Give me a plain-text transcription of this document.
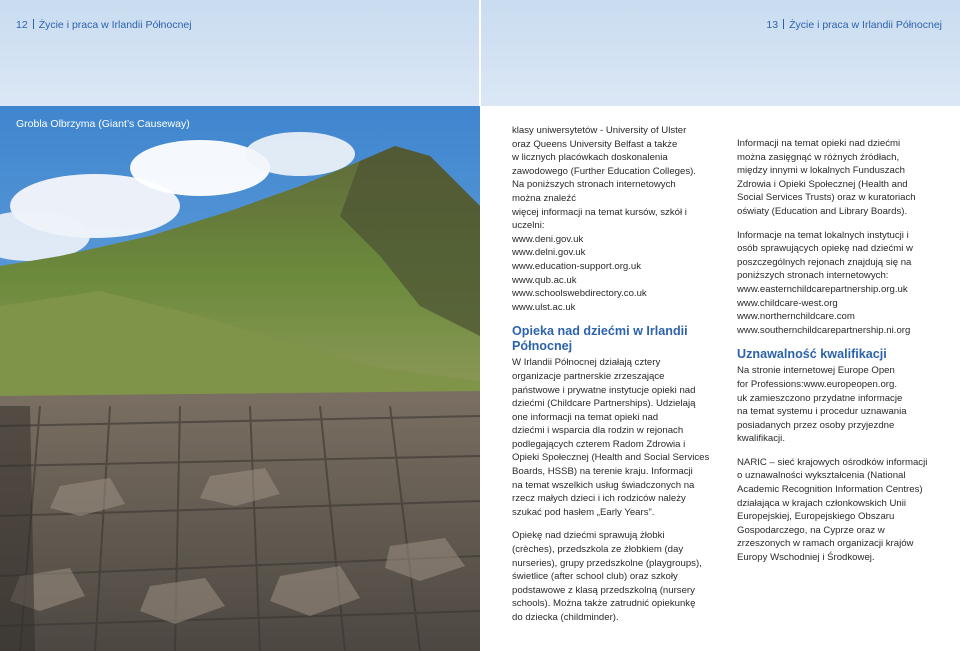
12 Życie i praca w Irlandii Północnej	13 Życie i praca w Irlandii Północnej
Grobla Olbrzyma (Giant’s Causeway)

klasy uniwersytetów - University of Ulster
oraz Queens University Belfast a także
w licznych placówkach doskonalenia
zawodowego (Further Education Colleges).
Na poniższych stronach internetowych
można znaleźć
więcej informacji na temat kursów, szkół i
uczelni:
www.deni.gov.uk
www.delni.gov.uk
www.education-support.org.uk
www.qub.ac.uk
www.schoolswebdirectory.co.uk
www.ulst.ac.uk

Opieka nad dziećmi w Irlandii
Północnej

W Irlandii Północnej działają cztery
organizacje partnerskie zrzeszające
państwowe i prywatne instytucje opieki nad
dziećmi (Childcare Partnerships). Udzielają
one informacji na temat opieki nad
dziećmi i wsparcia dla rodzin w rejonach
podlegających czterem Radom Zdrowia i
Opieki Społecznej (Health and Social Services
Boards, HSSB) na terenie kraju. Informacji
na temat wszelkich usług świadczonych na
rzecz małych dzieci i ich rodziców należy
szukać pod hasłem „Early Years”.

Opiekę nad dziećmi sprawują żłobki
(crèches), przedszkola ze żłobkiem (day
nurseries), grupy przedszkolne (playgroups),
świetlice (after school club) oraz szkoły
podstawowe z klasą przedszkolną (nursery
schools). Można także zatrudnić opiekunkę
do dziecka (childminder).

Informacji na temat opieki nad dziećmi
można zasięgnąć w różnych źródłach,
między innymi w lokalnych Funduszach
Zdrowia i Opieki Społecznej (Health and
Social Services Trusts) oraz w kuratoriach
oświaty (Education and Library Boards).

Informacje na temat lokalnych instytucji i
osób sprawujących opiekę nad dziećmi w
poszczególnych rejonach znajdują się na
poniższych stronach internetowych:
www.easternchildcarepartnership.org.uk
www.childcare-west.org
www.northernchildcare.com
www.southernchildcarepartnership.ni.org

Uznawalność kwalifikacji

Na stronie internetowej Europe Open
for Professions:www.europeopen.org.
uk zamieszczono przydatne informacje
na temat systemu i procedur uznawania
posiadanych przez osoby przyjezdne
kwalifikacji.

NARIC – sieć krajowych ośrodków informacji
o uznawalności wykształcenia (National
Academic Recognition Information Centres)
działająca w krajach członkowskich Unii
Europejskiej, Europejskiego Obszaru
Gospodarczego, na Cyprze oraz w
zrzeszonych w ramach organizacji krajów
Europy Wschodniej i Środkowej.
